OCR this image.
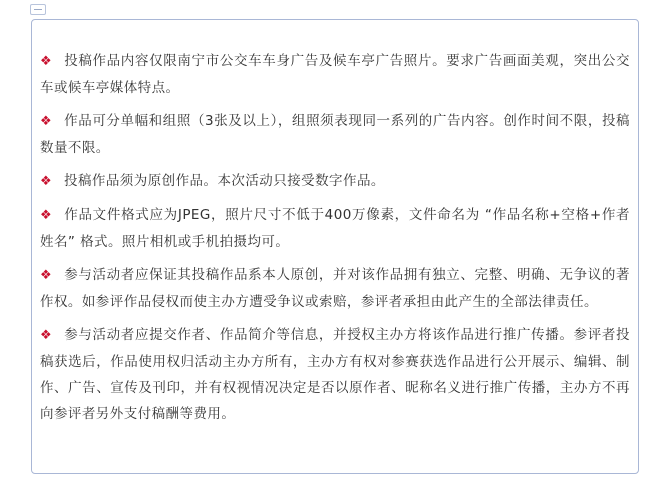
❖ 投稿作品内容仅限南宁市公交车车身广告及候车亭广告照片。要求广告画面美观，突出公交车或候车亭媒体特点。

❖ 作品可分单幅和组照（3张及以上），组照须表现同一系列的广告内容。创作时间不限，投稿数量不限。

❖ 投稿作品须为原创作品。本次活动只接受数字作品。

❖ 作品文件格式应为JPEG，照片尺寸不低于400万像素，文件命名为 “作品名称+空格+作者姓名” 格式。照片相机或手机拍摄均可。

❖ 参与活动者应保证其投稿作品系本人原创，并对该作品拥有独立、完整、明确、无争议的著作权。如参评作品侵权而使主办方遭受争议或索赔，参评者承担由此产生的全部法律责任。

❖ 参与活动者应提交作者、作品简介等信息，并授权主办方将该作品进行推广传播。参评者投稿获选后，作品使用权归活动主办方所有，主办方有权对参赛获选作品进行公开展示、编辑、制作、广告、宣传及刊印，并有权视情况决定是否以原作者、昵称名义进行推广传播，主办方不再向参评者另外支付稿酬等费用。
